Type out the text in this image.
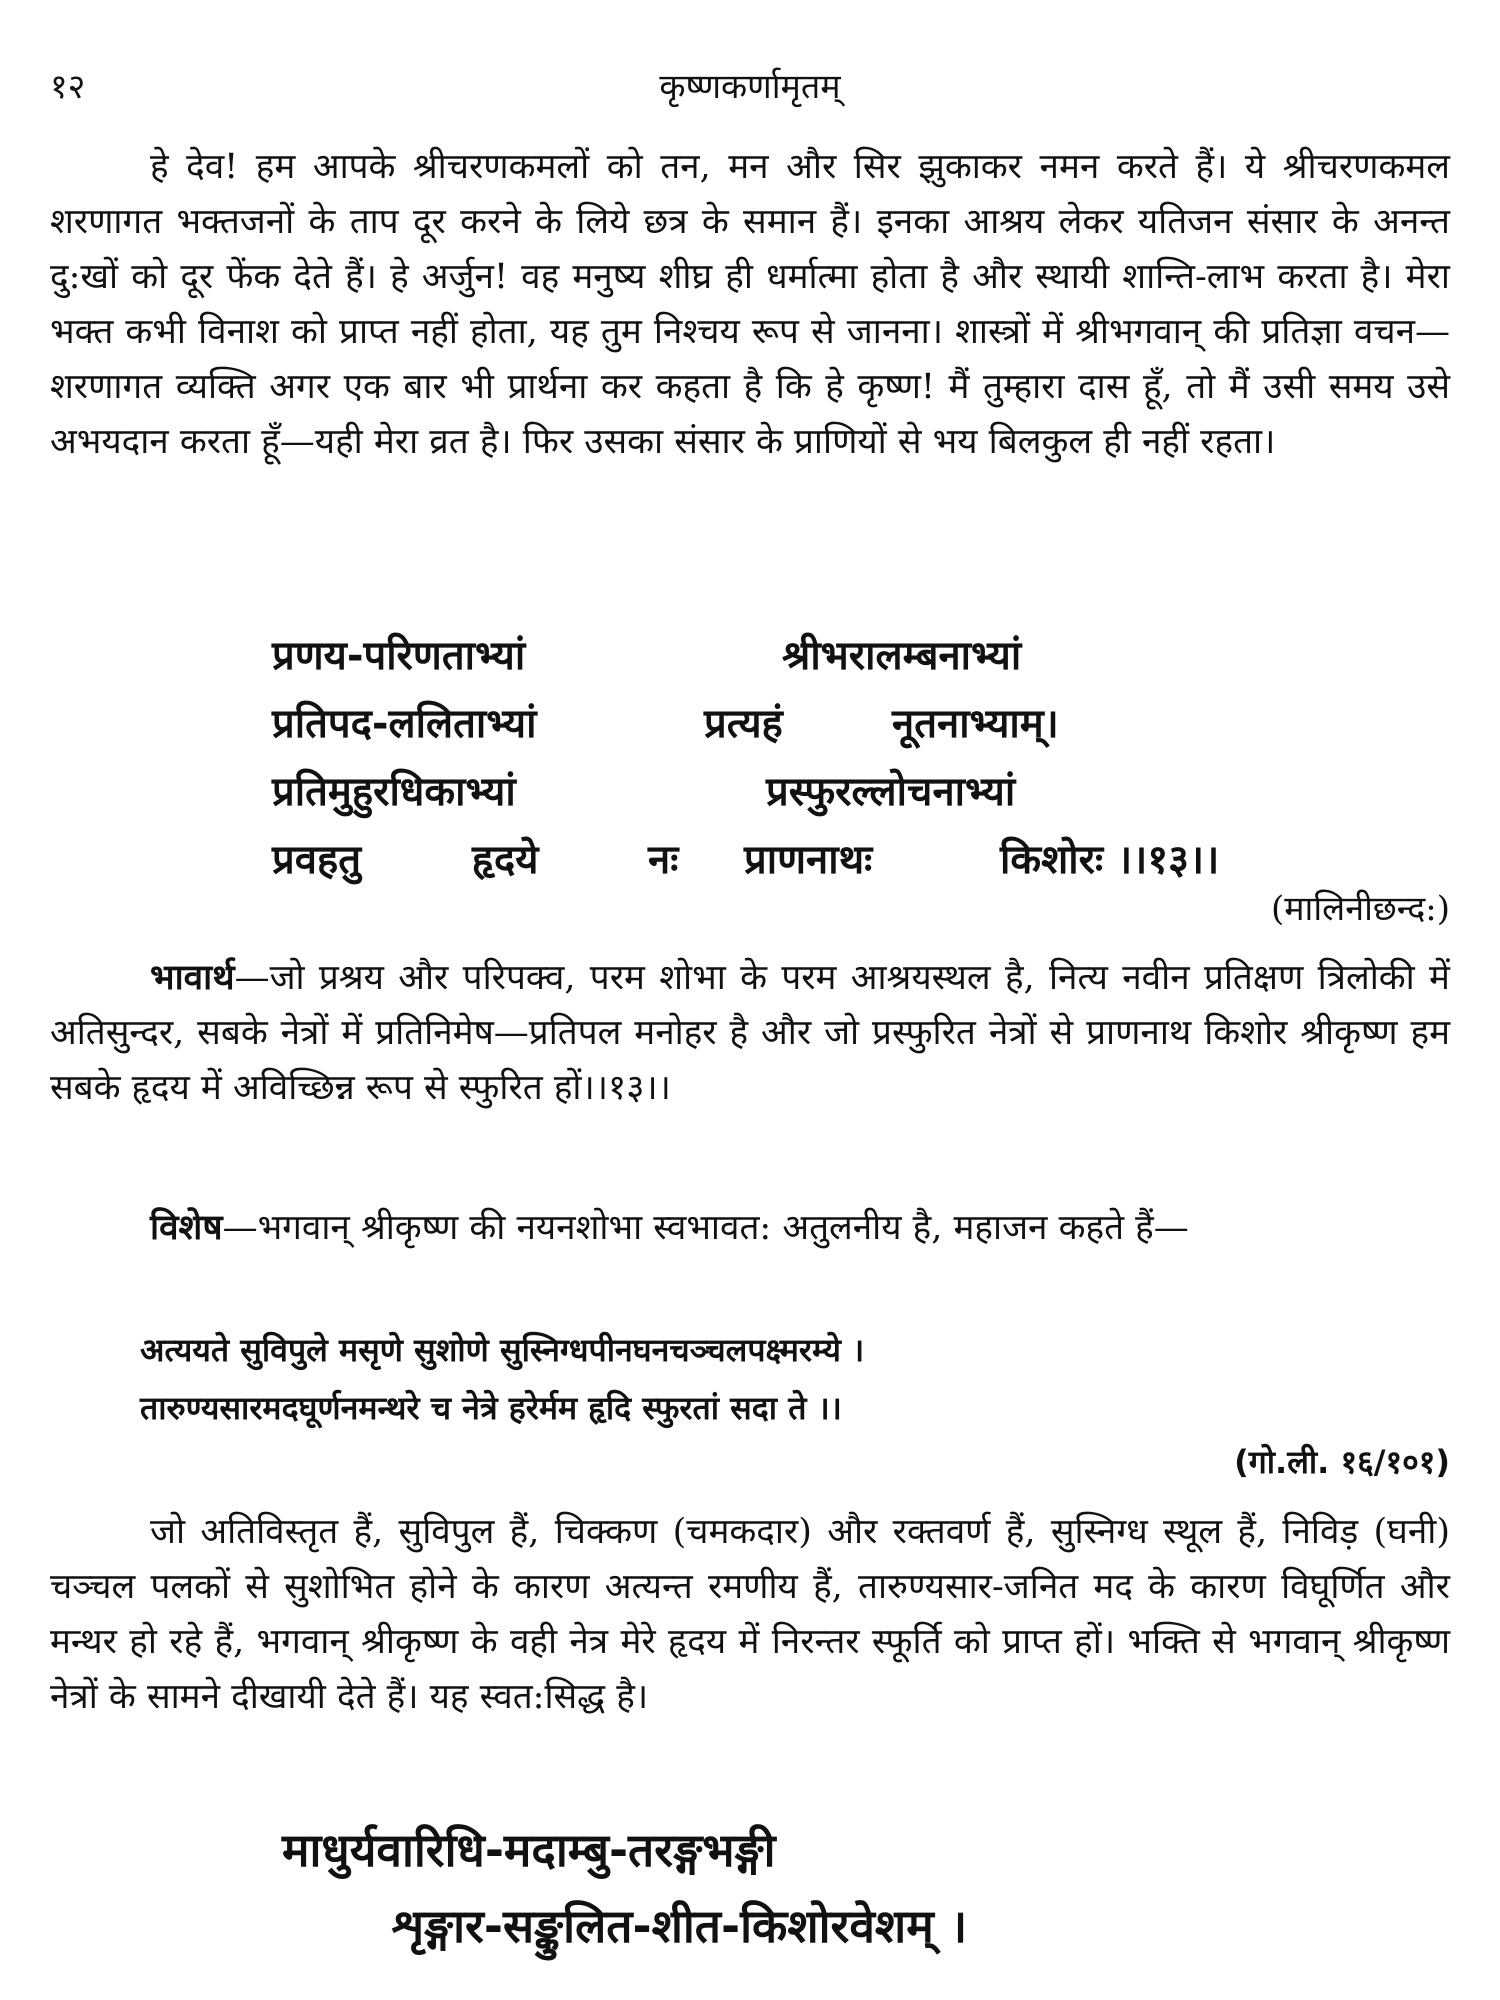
१२	कृष्णकर्णामृतम्

हे देव! हम आपके श्रीचरणकमलों को तन, मन और सिर झुकाकर नमन करते हैं। ये श्रीचरणकमल शरणागत भक्तजनों के ताप दूर करने के लिये छत्र के समान हैं। इनका आश्रय लेकर यतिजन संसार के अनन्त दु:खों को दूर फेंक देते हैं। हे अर्जुन! वह मनुष्य शीघ्र ही धर्मात्मा होता है और स्थायी शान्ति-लाभ करता है। मेरा भक्त कभी विनाश को प्राप्त नहीं होता, यह तुम निश्चय रूप से जानना। शास्त्रों में श्रीभगवान् की प्रतिज्ञा वचन—शरणागत व्यक्ति अगर एक बार भी प्रार्थना कर कहता है कि हे कृष्ण! मैं तुम्हारा दास हूँ, तो मैं उसी समय उसे अभयदान करता हूँ—यही मेरा व्रत है। फिर उसका संसार के प्राणियों से भय बिलकुल ही नहीं रहता।

प्रणय-परिणताभ्यां	श्रीभरालम्बनाभ्यां
प्रतिपद-ललिताभ्यां	प्रत्यहं	नूतनाभ्याम्।
प्रतिमुहुरधिकाभ्यां	प्रस्फुरल्लोचनाभ्यां
प्रवहतु	हृदये	नः प्राणनाथः	किशोरः ।।१३।।
(मालिनीछन्द:)

भावार्थ—जो प्रश्रय और परिपक्व, परम शोभा के परम आश्रयस्थल है, नित्य नवीन प्रतिक्षण त्रिलोकी में अतिसुन्दर, सबके नेत्रों में प्रतिनिमेष—प्रतिपल मनोहर है और जो प्रस्फुरित नेत्रों से प्राणनाथ किशोर श्रीकृष्ण हम सबके हृदय में अविच्छिन्न रूप से स्फुरित हों।।१३।।

विशेष—भगवान् श्रीकृष्ण की नयनशोभा स्वभावत: अतुलनीय है, महाजन कहते हैं—

अत्ययते सुविपुले मसृणे सुशोणे सुस्निग्धपीनघनचञ्चलपक्ष्मरम्ये ।
तारुण्यसारमदघूर्णनमन्थरे च नेत्रे हरेर्मम हृदि स्फुरतां सदा ते ।।
(गो.ली. १६/१०१)

जो अतिविस्तृत हैं, सुविपुल हैं, चिक्कण (चमकदार) और रक्तवर्ण हैं, सुस्निग्ध स्थूल हैं, निविड़ (घनी) चञ्चल पलकों से सुशोभित होने के कारण अत्यन्त रमणीय हैं, तारुण्यसार-जनित मद के कारण विघूर्णित और मन्थर हो रहे हैं, भगवान् श्रीकृष्ण के वही नेत्र मेरे हृदय में निरन्तर स्फूर्ति को प्राप्त हों। भक्ति से भगवान् श्रीकृष्ण नेत्रों के सामने दीखायी देते हैं। यह स्वत:सिद्ध है।

माधुर्यवारिधि-मदाम्बु-तरङ्गभङ्गी
शृङ्गार-सङ्कुलित-शीत-किशोरवेशम् ।
